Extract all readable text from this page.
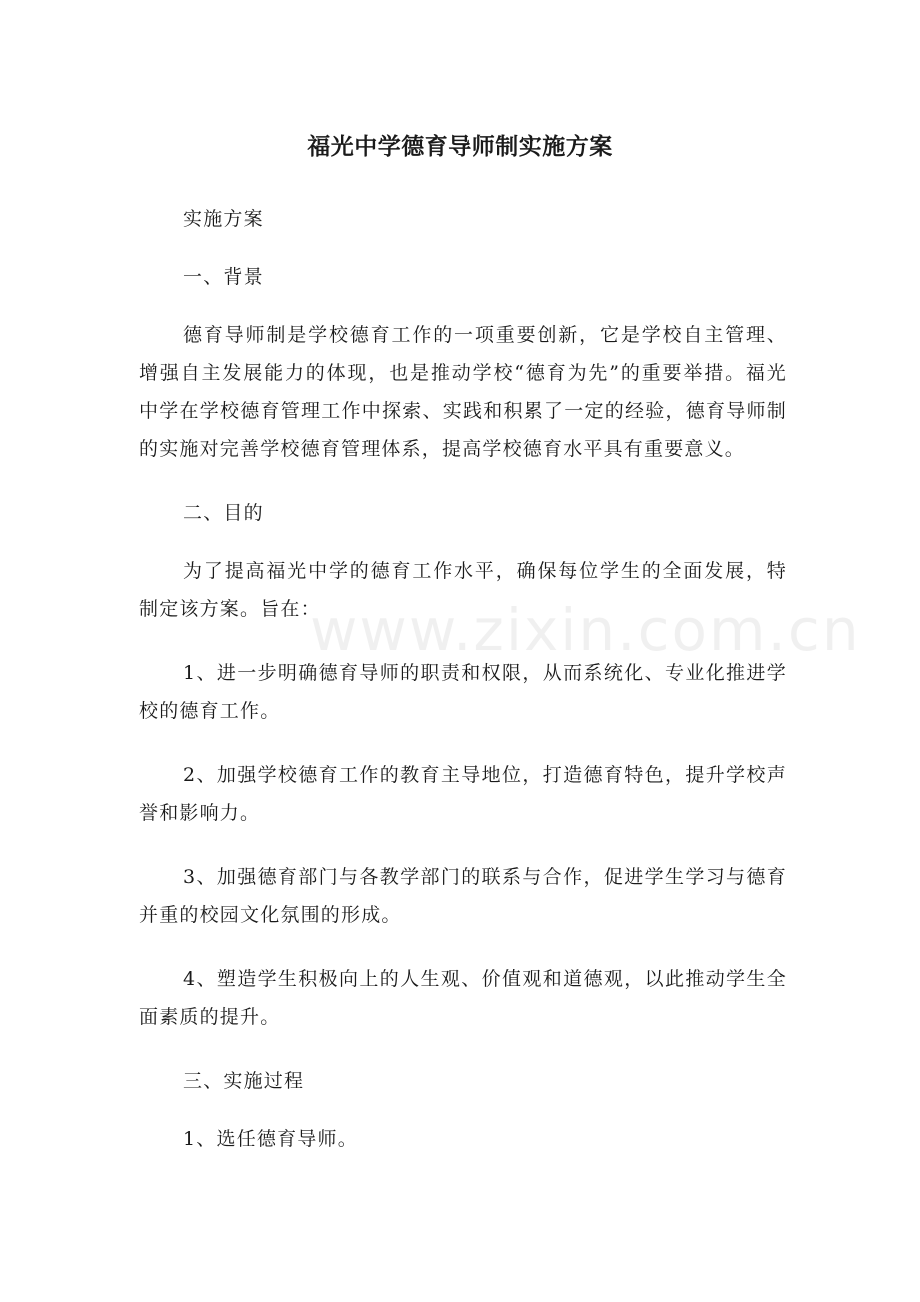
福光中学德育导师制实施方案

实施方案

一、背景

德育导师制是学校德育工作的一项重要创新，它是学校自主管理、增强自主发展能力的体现，也是推动学校“德育为先”的重要举措。福光中学在学校德育管理工作中探索、实践和积累了一定的经验，德育导师制的实施对完善学校德育管理体系，提高学校德育水平具有重要意义。

二、目的

为了提高福光中学的德育工作水平，确保每位学生的全面发展，特制定该方案。旨在：

1、进一步明确德育导师的职责和权限，从而系统化、专业化推进学校的德育工作。

2、加强学校德育工作的教育主导地位，打造德育特色，提升学校声誉和影响力。

3、加强德育部门与各教学部门的联系与合作，促进学生学习与德育并重的校园文化氛围的形成。

4、塑造学生积极向上的人生观、价值观和道德观，以此推动学生全面素质的提升。

三、实施过程

1、选任德育导师。

www.zixin.com.cn
